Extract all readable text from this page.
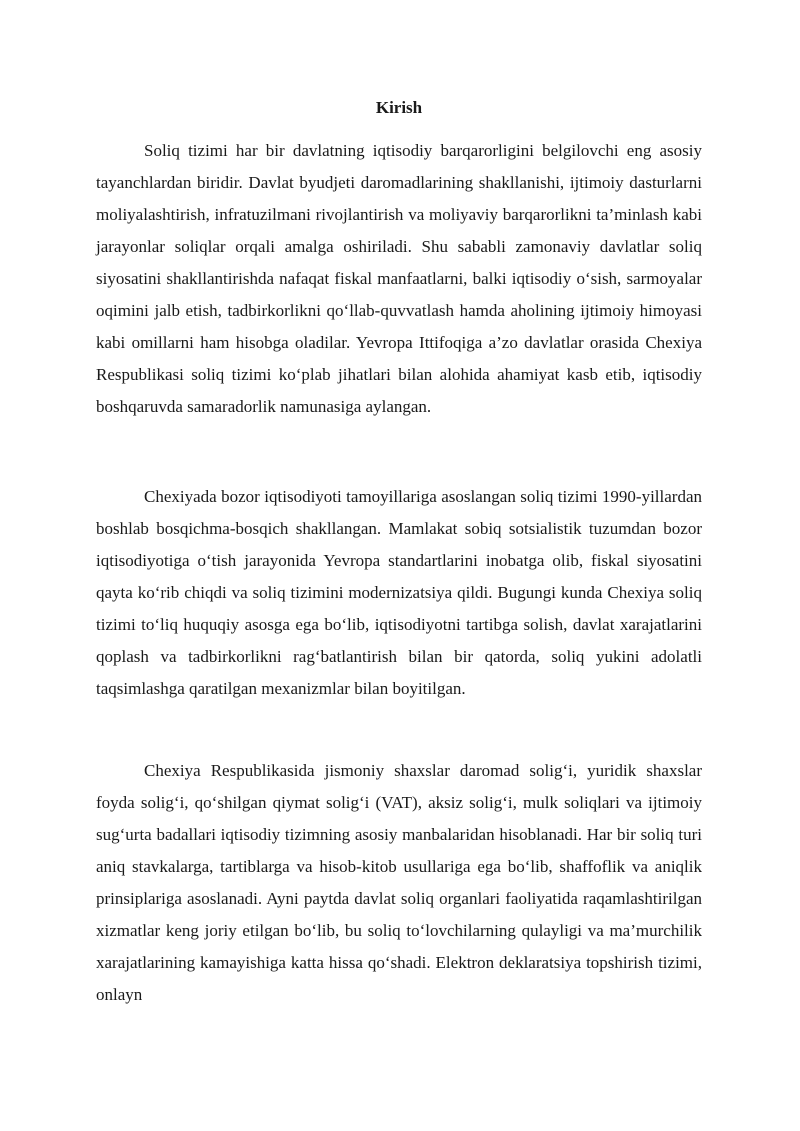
Kirish

Soliq tizimi har bir davlatning iqtisodiy barqarorligini belgilovchi eng asosiy tayanchlardan biridir. Davlat byudjeti daromadlarining shakllanishi, ijtimoiy dasturlarni moliyalashtirish, infratuzilmani rivojlantirish va moliyaviy barqarorlikni ta’minlash kabi jarayonlar soliqlar orqali amalga oshiriladi. Shu sababli zamonaviy davlatlar soliq siyosatini shakllantirishda nafaqat fiskal manfaatlarni, balki iqtisodiy o‘sish, sarmoyalar oqimini jalb etish, tadbirkorlikni qo‘llab-quvvatlash hamda aholining ijtimoiy himoyasi kabi omillarni ham hisobga oladilar. Yevropa Ittifoqiga a’zo davlatlar orasida Chexiya Respublikasi soliq tizimi ko‘plab jihatlari bilan alohida ahamiyat kasb etib, iqtisodiy boshqaruvda samaradorlik namunasiga aylangan.

Chexiyada bozor iqtisodiyoti tamoyillariga asoslangan soliq tizimi 1990-yillardan boshlab bosqichma-bosqich shakllangan. Mamlakat sobiq sotsialistik tuzumdan bozor iqtisodiyotiga o‘tish jarayonida Yevropa standartlarini inobatga olib, fiskal siyosatini qayta ko‘rib chiqdi va soliq tizimini modernizatsiya qildi. Bugungi kunda Chexiya soliq tizimi to‘liq huquqiy asosga ega bo‘lib, iqtisodiyotni tartibga solish, davlat xarajatlarini qoplash va tadbirkorlikni rag‘batlantirish bilan bir qatorda, soliq yukini adolatli taqsimlashga qaratilgan mexanizmlar bilan boyitilgan.

Chexiya Respublikasida jismoniy shaxslar daromad solig‘i, yuridik shaxslar foyda solig‘i, qo‘shilgan qiymat solig‘i (VAT), aksiz solig‘i, mulk soliqlari va ijtimoiy sug‘urta badallari iqtisodiy tizimning asosiy manbalaridan hisoblanadi. Har bir soliq turi aniq stavkalarga, tartiblarga va hisob-kitob usullariga ega bo‘lib, shaffoflik va aniqlik prinsiplariga asoslanadi. Ayni paytda davlat soliq organlari faoliyatida raqamlashtirilgan xizmatlar keng joriy etilgan bo‘lib, bu soliq to‘lovchilarning qulayligi va ma’murchilik xarajatlarining kamayishiga katta hissa qo‘shadi. Elektron deklaratsiya topshirish tizimi, onlayn
